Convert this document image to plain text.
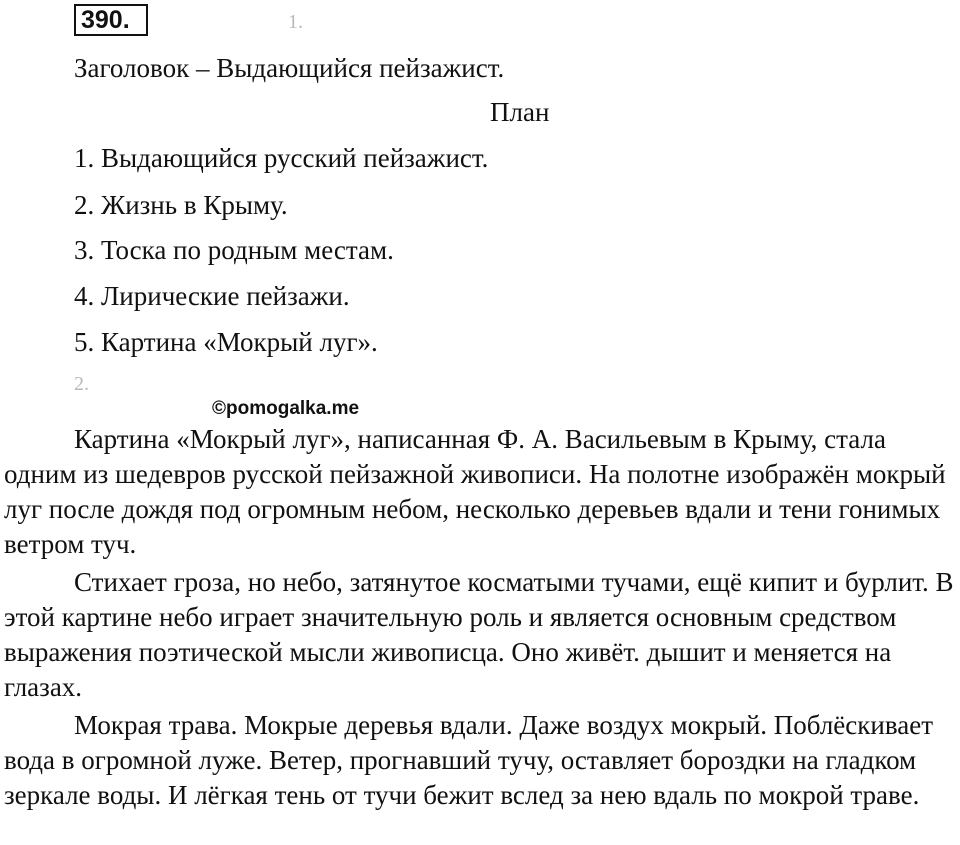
390.	1.
Заголовок – Выдающийся пейзажист.
План
1. Выдающийся русский пейзажист.
2. Жизнь в Крыму.
3. Тоска по родным местам.
4. Лирические пейзажи.
5. Картина «Мокрый луг».
2.
©pomogalka.me

Картина «Мокрый луг», написанная Ф. А. Васильевым в Крыму, стала одним из шедевров русской пейзажной живописи. На полотне изображён мокрый луг после дождя под огромным небом, несколько деревьев вдали и тени гонимых ветром туч.

Стихает гроза, но небо, затянутое косматыми тучами, ещё кипит и бурлит. В этой картине небо играет значительную роль и является основным средством выражения поэтической мысли живописца. Оно живёт. дышит и меняется на глазах.

Мокрая трава. Мокрые деревья вдали. Даже воздух мокрый. Поблёскивает вода в огромной луже. Ветер, прогнавший тучу, оставляет бороздки на гладком зеркале воды. И лёгкая тень от тучи бежит вслед за нею вдаль по мокрой траве.
